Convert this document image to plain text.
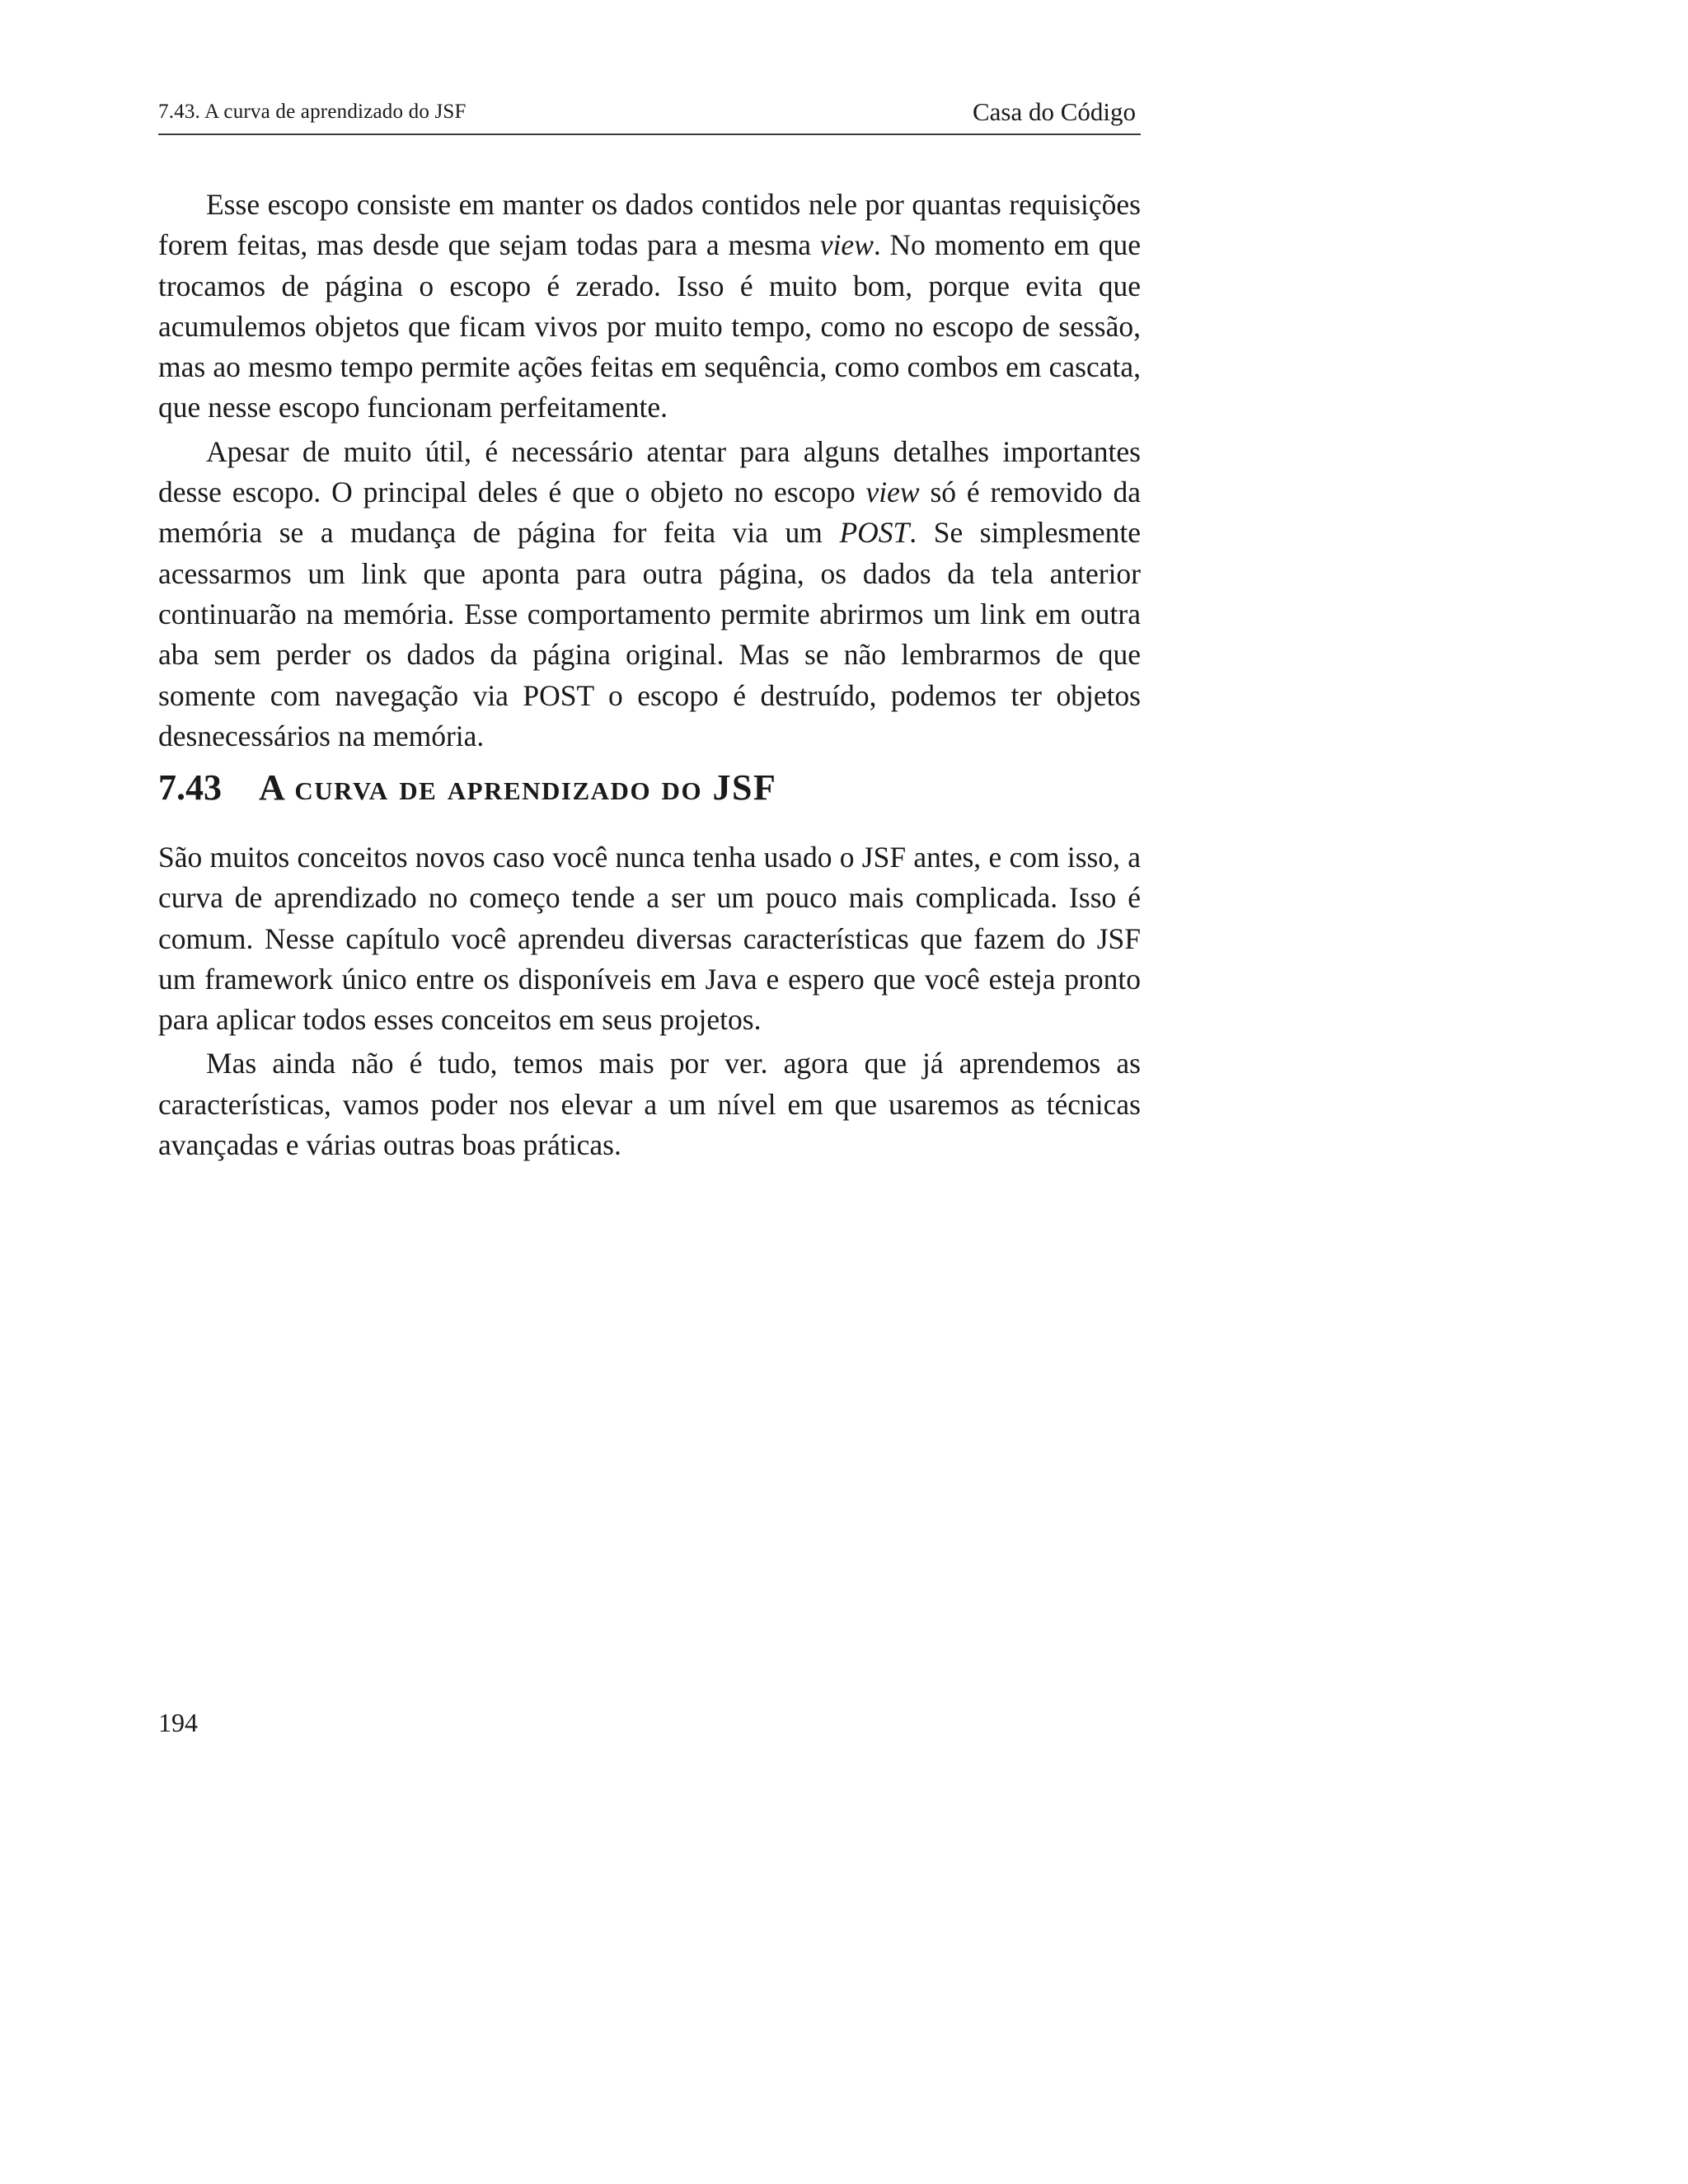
7.43. A curva de aprendizado do JSF	Casa do Código

Esse escopo consiste em manter os dados contidos nele por quantas requisições forem feitas, mas desde que sejam todas para a mesma view. No momento em que trocamos de página o escopo é zerado. Isso é muito bom, porque evita que acumulemos objetos que ficam vivos por muito tempo, como no escopo de sessão, mas ao mesmo tempo permite ações feitas em sequência, como combos em cascata, que nesse escopo funcionam perfeitamente.

Apesar de muito útil, é necessário atentar para alguns detalhes importantes desse escopo. O principal deles é que o objeto no escopo view só é removido da memória se a mudança de página for feita via um POST. Se simplesmente acessarmos um link que aponta para outra página, os dados da tela anterior continuarão na memória. Esse comportamento permite abrirmos um link em outra aba sem perder os dados da página original. Mas se não lembrarmos de que somente com navegação via POST o escopo é destruído, podemos ter objetos desnecessários na memória.

7.43 A curva de aprendizado do JSF

São muitos conceitos novos caso você nunca tenha usado o JSF antes, e com isso, a curva de aprendizado no começo tende a ser um pouco mais complicada. Isso é comum. Nesse capítulo você aprendeu diversas características que fazem do JSF um framework único entre os disponíveis em Java e espero que você esteja pronto para aplicar todos esses conceitos em seus projetos.

Mas ainda não é tudo, temos mais por ver. agora que já aprendemos as características, vamos poder nos elevar a um nível em que usaremos as técnicas avançadas e várias outras boas práticas.

194
